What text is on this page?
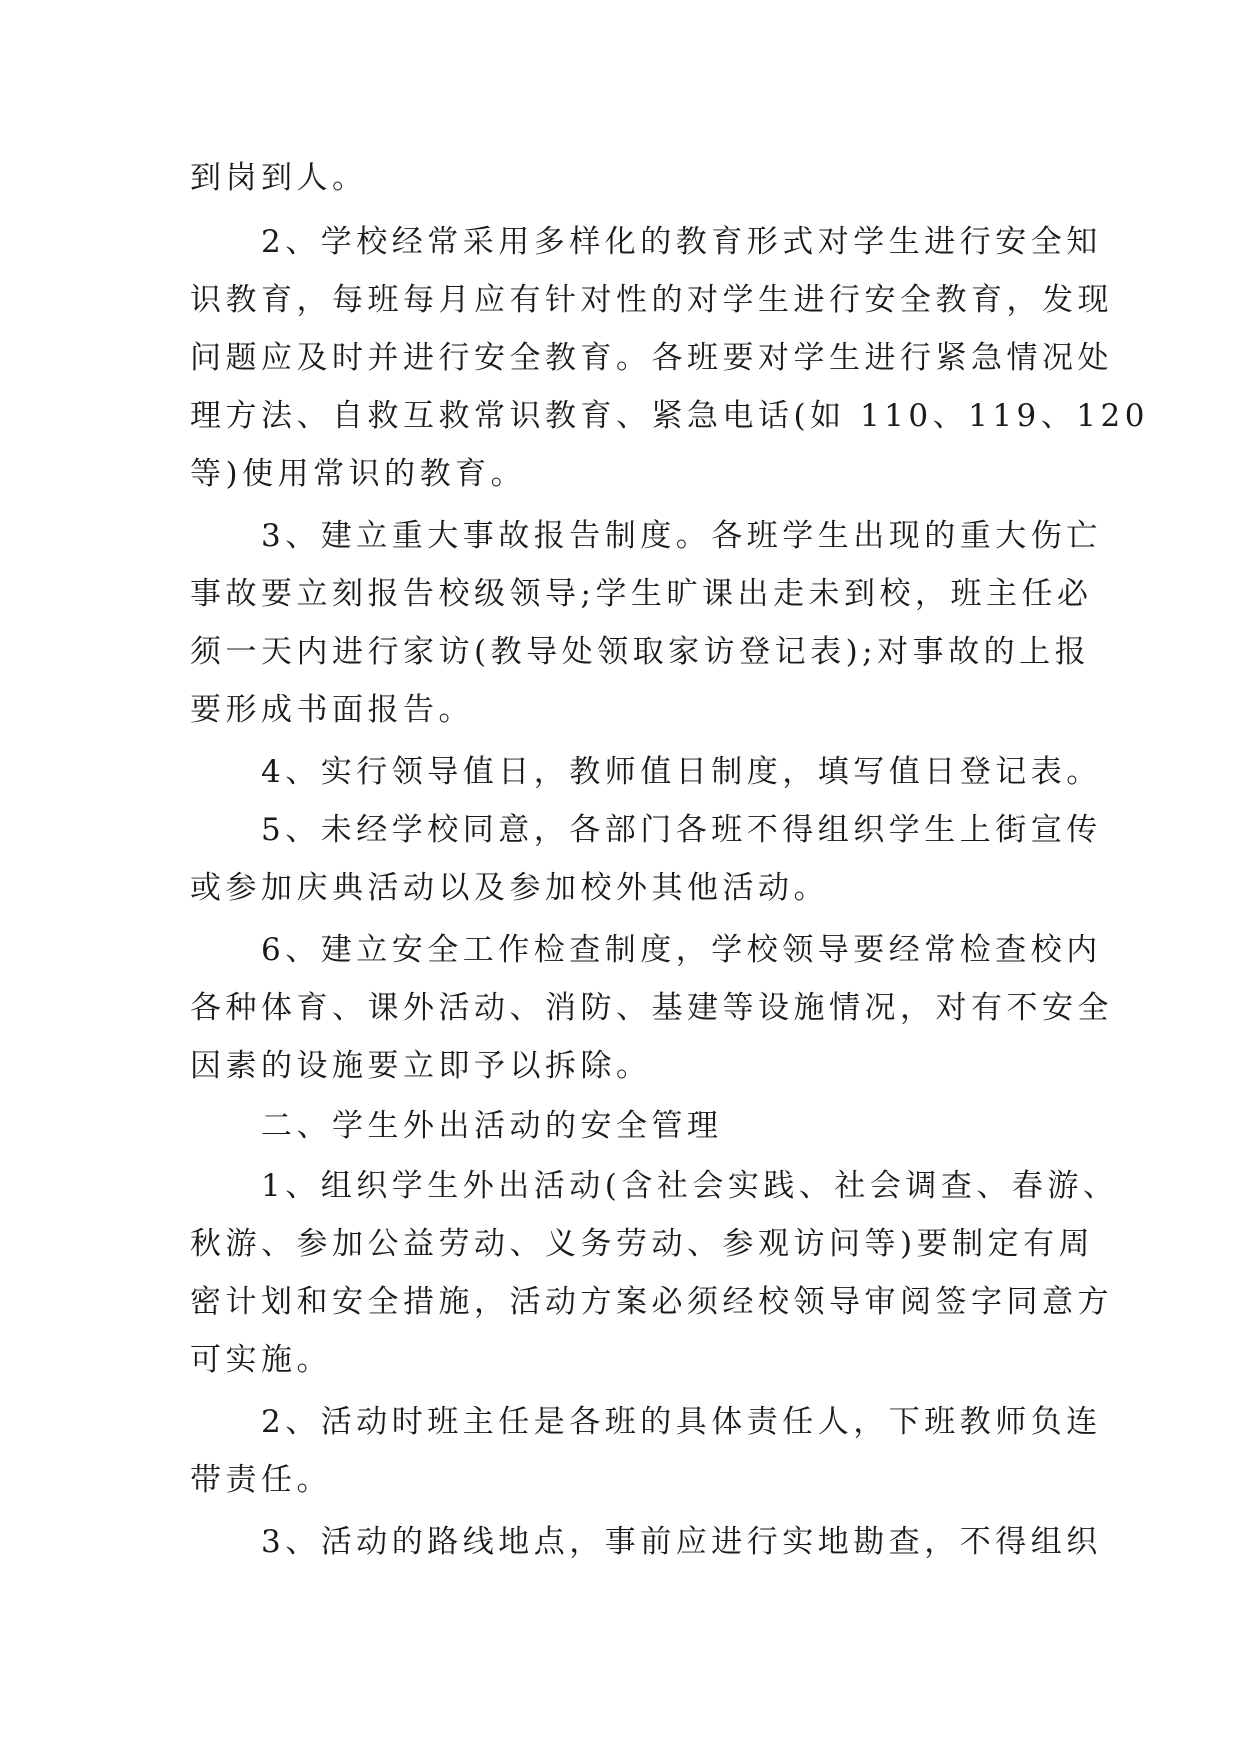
到岗到人。

　　2、学校经常采用多样化的教育形式对学生进行安全知

识教育，每班每月应有针对性的对学生进行安全教育，发现

问题应及时并进行安全教育。各班要对学生进行紧急情况处

理方法、自救互救常识教育、紧急电话(如 110、119、120

等)使用常识的教育。

　　3、建立重大事故报告制度。各班学生出现的重大伤亡

事故要立刻报告校级领导;学生旷课出走未到校，班主任必

须一天内进行家访(教导处领取家访登记表);对事故的上报

要形成书面报告。

　　4、实行领导值日，教师值日制度，填写值日登记表。

　　5、未经学校同意，各部门各班不得组织学生上街宣传

或参加庆典活动以及参加校外其他活动。

　　6、建立安全工作检查制度，学校领导要经常检查校内

各种体育、课外活动、消防、基建等设施情况，对有不安全

因素的设施要立即予以拆除。

　　二、学生外出活动的安全管理

　　1、组织学生外出活动(含社会实践、社会调查、春游、

秋游、参加公益劳动、义务劳动、参观访问等)要制定有周

密计划和安全措施，活动方案必须经校领导审阅签字同意方

可实施。

　　2、活动时班主任是各班的具体责任人，下班教师负连

带责任。

　　3、活动的路线地点，事前应进行实地勘查，不得组织
